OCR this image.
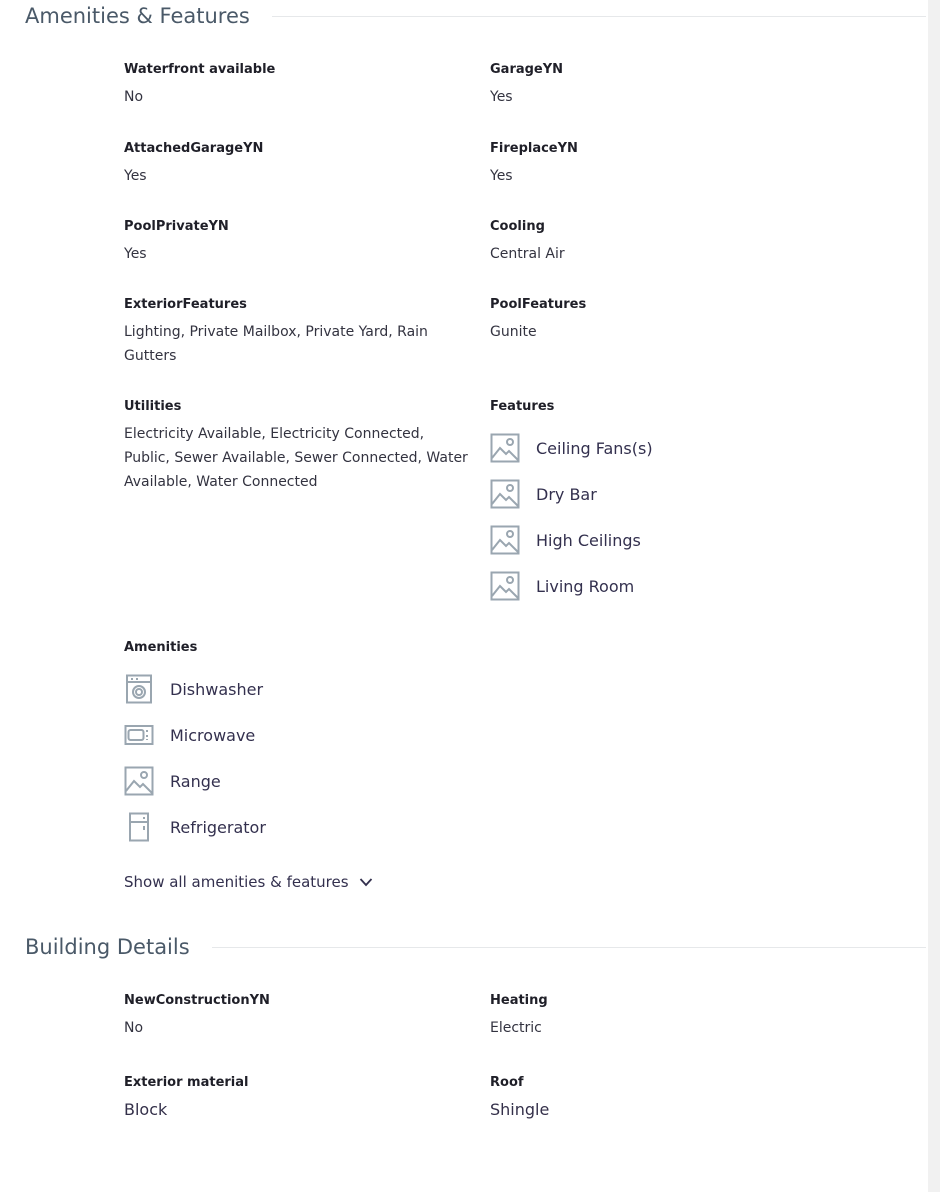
Amenities & Features
Waterfront available
No
GarageYN
Yes
AttachedGarageYN
Yes
FireplaceYN
Yes
PoolPrivateYN
Yes
Cooling
Central Air
ExteriorFeatures
Lighting, Private Mailbox, Private Yard, Rain Gutters
PoolFeatures
Gunite
Utilities
Electricity Available, Electricity Connected, Public, Sewer Available, Sewer Connected, Water Available, Water Connected
Features
Ceiling Fans(s)
Dry Bar
High Ceilings
Living Room
Amenities
Dishwasher
Microwave
Range
Refrigerator
Show all amenities & features
Building Details
NewConstructionYN
No
Heating
Electric
Exterior material
Block
Roof
Shingle
